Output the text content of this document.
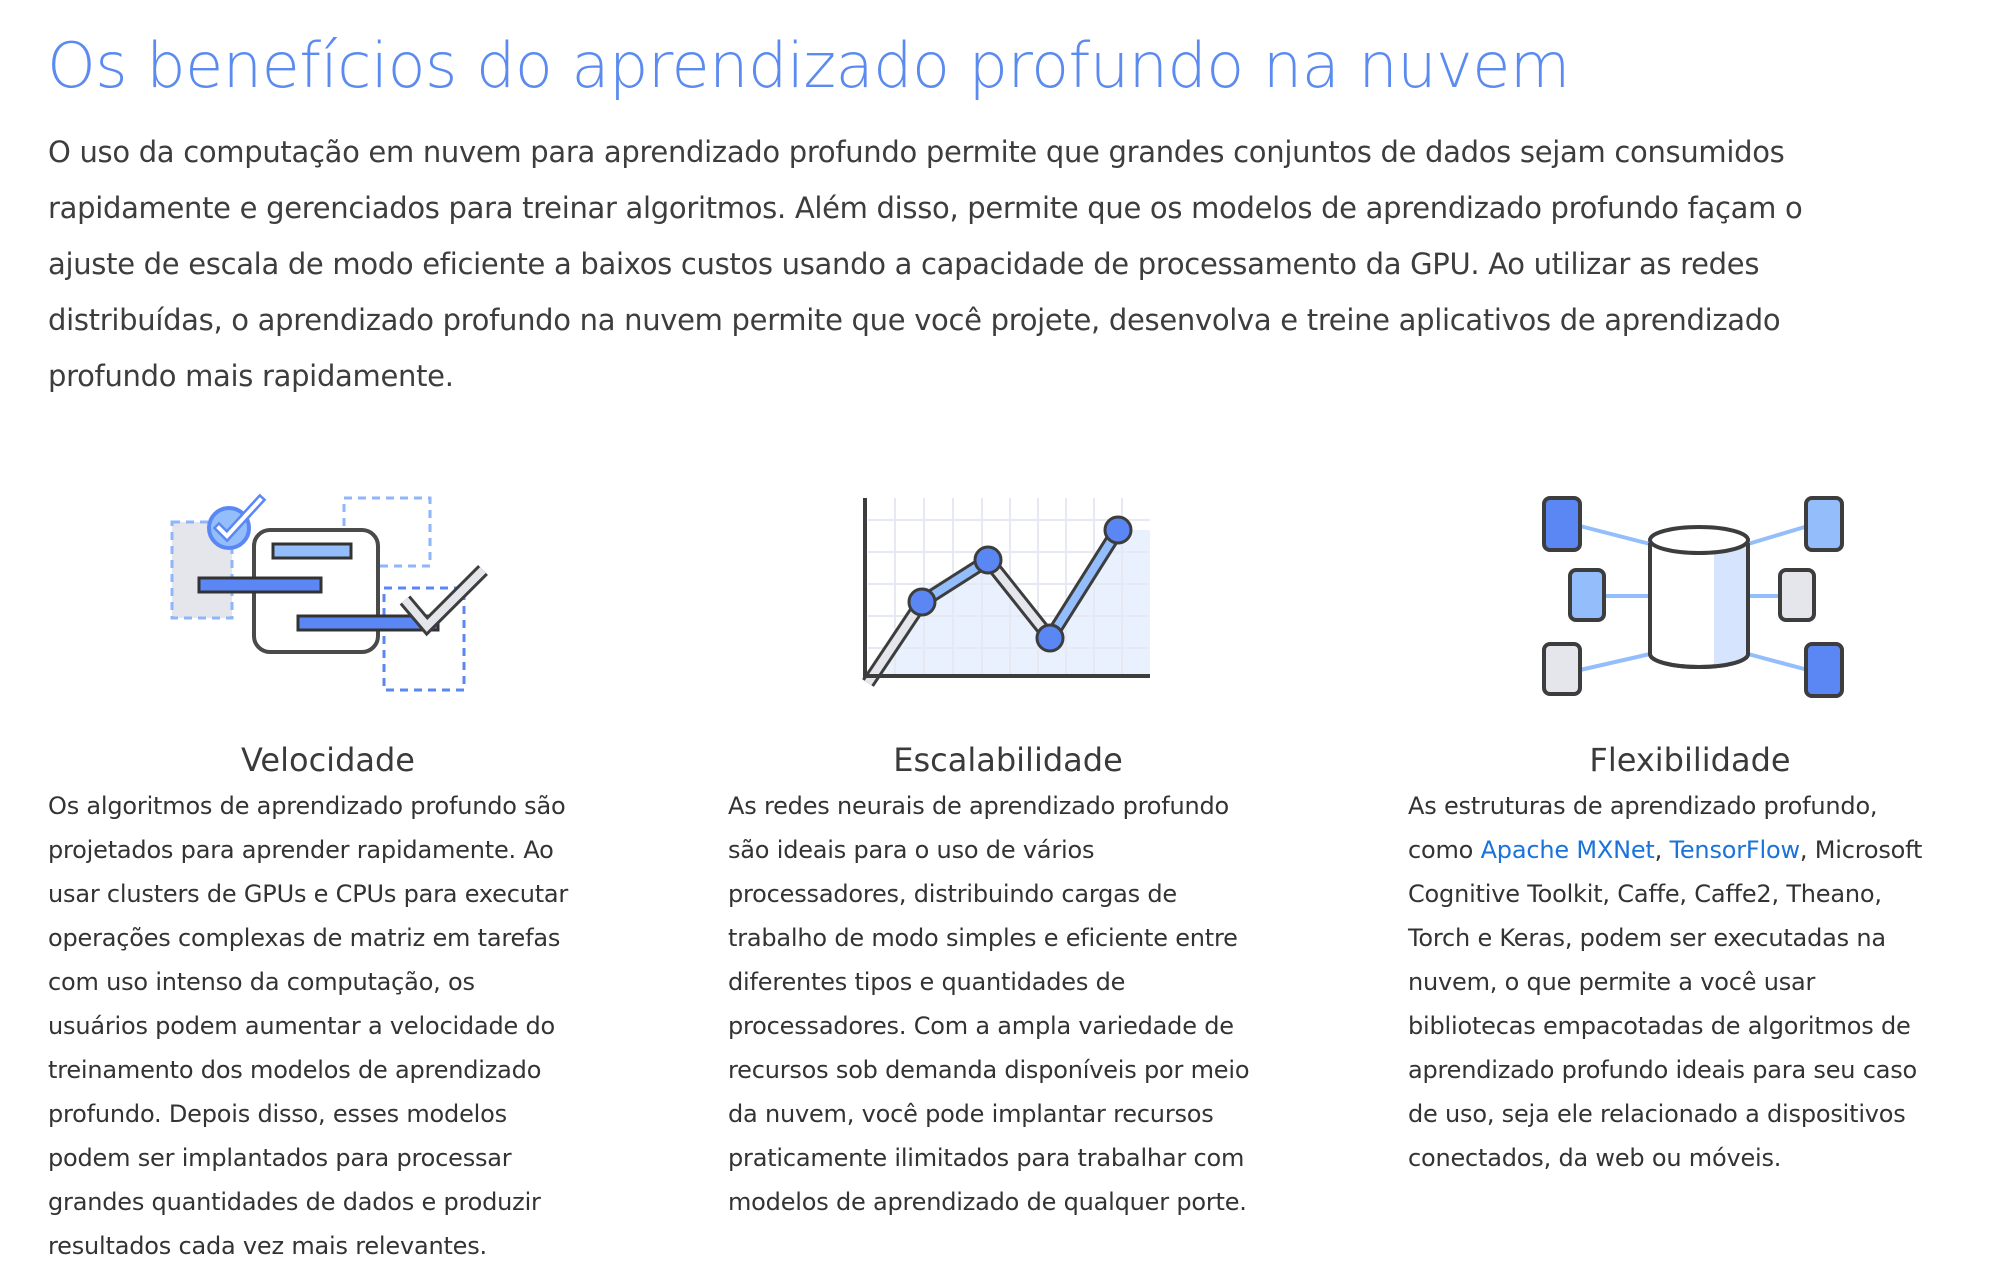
Os benefícios do aprendizado profundo na nuvem
O uso da computação em nuvem para aprendizado profundo permite que grandes conjuntos de dados sejam consumidos
rapidamente e gerenciados para treinar algoritmos. Além disso, permite que os modelos de aprendizado profundo façam o
ajuste de escala de modo eficiente a baixos custos usando a capacidade de processamento da GPU. Ao utilizar as redes
distribuídas, o aprendizado profundo na nuvem permite que você projete, desenvolva e treine aplicativos de aprendizado
profundo mais rapidamente.
Velocidade
Os algoritmos de aprendizado profundo são
projetados para aprender rapidamente. Ao
usar clusters de GPUs e CPUs para executar
operações complexas de matriz em tarefas
com uso intenso da computação, os
usuários podem aumentar a velocidade do
treinamento dos modelos de aprendizado
profundo. Depois disso, esses modelos
podem ser implantados para processar
grandes quantidades de dados e produzir
resultados cada vez mais relevantes.
Escalabilidade
As redes neurais de aprendizado profundo
são ideais para o uso de vários
processadores, distribuindo cargas de
trabalho de modo simples e eficiente entre
diferentes tipos e quantidades de
processadores. Com a ampla variedade de
recursos sob demanda disponíveis por meio
da nuvem, você pode implantar recursos
praticamente ilimitados para trabalhar com
modelos de aprendizado de qualquer porte.
Flexibilidade
As estruturas de aprendizado profundo,
como Apache MXNet, TensorFlow, Microsoft
Cognitive Toolkit, Caffe, Caffe2, Theano,
Torch e Keras, podem ser executadas na
nuvem, o que permite a você usar
bibliotecas empacotadas de algoritmos de
aprendizado profundo ideais para seu caso
de uso, seja ele relacionado a dispositivos
conectados, da web ou móveis.
